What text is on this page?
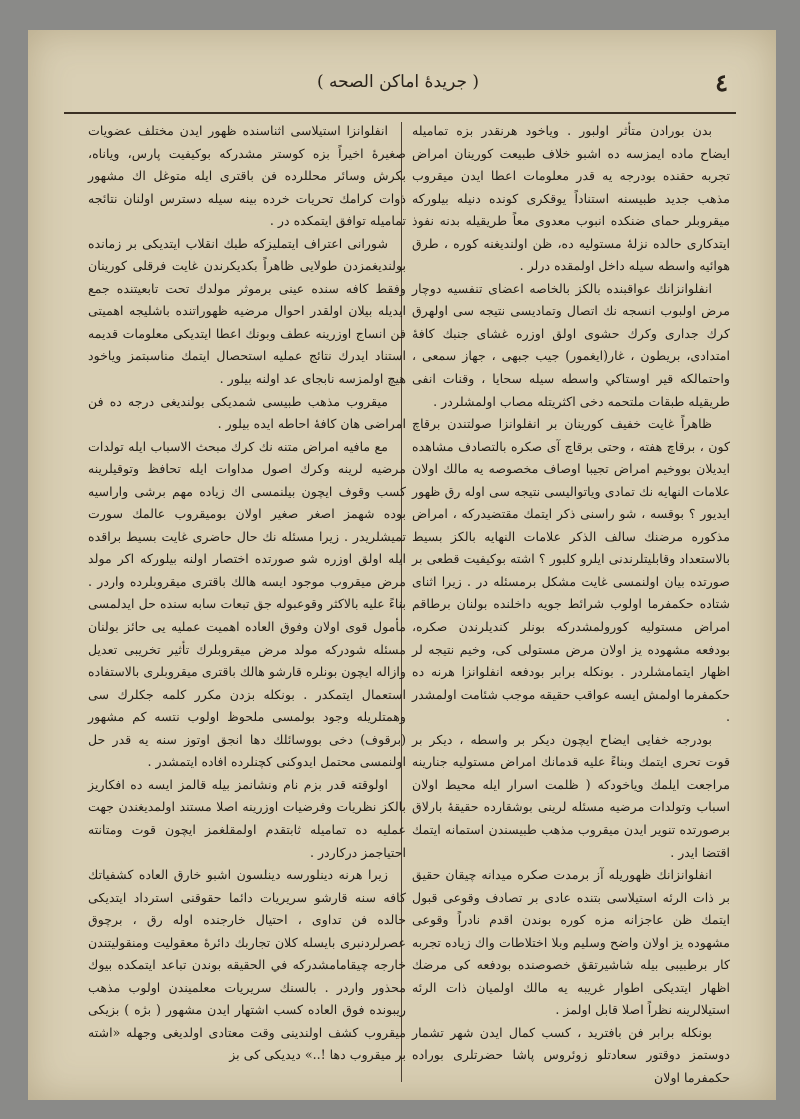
٤
( جريدهٔ اماكن الصحه )

بدن بورادن متأثر اولبور . وياخود هرنقدر بزه تماميله ايضاح ماده ايمزسه ده اشبو خلاف طبيعت كورينان امراض تجربه حقنده بودرجه يه قدر معلومات اعطا ايدن ميقروب مذهب جديد طبيسنه استناداً يوقكرى كونده دنيله بيلوركه ميقروبلر حماى ضنكده انبوب معدوى معاً طريقيله بدنه نفوذ ايتدكارى حالده نزلهٔ مستوليه ده، ظن اولندیغنه كوره ، طرق هوائيه واسطه سيله داخل اولمقده درلر .

انفلوانزانك عواقبنده بالكز بالخاصه اعضاى تنفسيه دوچار مرض اولبوب انسجه نك اتصال وتماديسى نتيجه سى اولهرق كرك جدارى وكرك حشوى اولق اوزره غشاى جنبك كافهٔ امتدادى، بريطون ، غار(ايغمور) جيب جبهى ، جهاز سمعى ، واحتمالكه قير اوستاكي واسطه سيله سحايا ، وقنات انفى طريقيله طبقات ملتحمه دخى اكثريتله مصاب اولمشلردر .

ظاهراً غايت خفيف كورينان بر انفلوانزا صولتندن برقاچ كون ، برقاچ هفته ، وحتى برقاچ آى صكره بالتصادف مشاهده ايديلان بووخيم امراض تجيبا اوصاف مخصوصه يه مالك اولان علامات النهايه نك تمادى وياتواليسى نتيجه سى اوله رق ظهور ايديور ؟ بوقسه ، شو راسنى ذكر ايتمك مقتضيدركه ، امراض مذكوره مرضنك سالف الذكر علامات النهايه بالكز بسيط بالاستعداد وقابليتلرندنى ايلرو كلبور ؟ اشته بوكيفيت قطعى بر صورتده بيان اولنمسى غايت مشكل برمسئله در . زيرا اثناى شتاده حكمفرما اولوب شرائط جويه داخلنده بولنان برطاقم امراض مستوليه كورولمشدركه بونلر كنديلرندن صكره، بودفعه مشهوده يز اولان مرض مستولى كى، وخيم نتيجه لر اظهار ايتمامشلردر . بونكله برابر بودفعه انفلوانزا هرنه ده حكمفرما اولمش ايسه عواقب حقيقه موجب شئامت اولمشدر .

بودرجه خفايى ايضاح ايچون ديكر بر واسطه ، ديكر بر قوت تحرى ايتمك وبناءً عليه قدمانك امراض مستوليه جنارينه مراجعت ايلمك وياخودكه ( ظلمت اسرار ايله محيط اولان اسباب وتولدات مرضيه مسئله لرينى بوشقارده حقيقهٔ بارلاق برصورتده تنوير ايدن ميقروب مذهب طبيسندن استمانه ايتمك اقتضا ايدر .

انفلوانزانك ظهوريله آز برمدت صكره ميدانه چيقان حقيق بر ذات الرئه استيلاسى بتنده عادى بر تصادف وقوعى قبول ايتمك ظن عاجزانه مزه كوره بوندن اقدم نادراً وقوعى مشهوده يز اولان واضح وسليم وبلا اختلاطات واك زياده تجربه كار برطبيبى بيله شاشيرتقق خصوصنده بودفعه كى مرضك اظهار ايتديكى اطوار غريبه يه مالك اولميان ذات الرئه استيلالرينه نظراً اصلا قابل اولمز .

بونكله برابر فن بافتريد ، كسب كمال ايدن شهر تشمار دوستمز دوقتور سعادتلو زوئروس پاشا حضرتلرى بوراده حكمفرما اولان

انفلوانزا استيلاسى اثناسنده ظهور ايدن مختلف عضويات صغيرهٔ اخيراً بزه كوستر مشدركه بوكيفيت پارس، وياناه، بكرش وسائر محللرده فن باقترى ايله متوغل اك مشهور ذوات كرامك تحريات خرده بينه سيله دسترس اولنان نتائجه تماميله توافق ايتمكده در .

شورانى اعتراف ايتمليزكه طبك انقلاب ايتديكى بر زمانده بولنديغمزدن طولايى ظاهراً بكديكرندن غايت فرقلى كورينان وفقط كافه سنده عينى برموثر مولدك تحت تابعيتنده جمع ايديله بيلان اولقدر احوال مرضيه ظهوراتنده باشليجه اهميتى فن انساج اوزرينه عطف وبونك اعطا ايتديكى معلومات قديمه استناد ايدرك نتائج عمليه استحصال ايتمك مناسبتمز وياخود هيچ اولمزسه نابجاى عد اولنه بيلور .

ميقروب مذهب طبيسى شمديكى بولنديغى درجه ده فن امراضى هان كافهٔ احاطه ايده بيلور .

مع مافيه امراض متنه نك كرك مبحث الاسباب ايله تولدات مرضيه لرينه وكرك اصول مداوات ايله تحافظ وتوقيلرينه كسب وقوف ايچون بيلنمسى اك زياده مهم برشى واراسيه بوده شهمز اصغر صغير اولان بوميقروب عالمك سورت تميشلريدر . زيرا مسئله نك حال حاضرى غايت بسيط براقده ايله اولق اوزره شو صورتده اختصار اولنه بيلوركه اكر مولد مرض ميقروب موجود ايسه هالك باقترى ميقروبلرده واردر . بناءً عليه بالاكثر وقوعبوله جق تبعات سابه سنده حل ايدلمسى مأمول قوى اولان وفوق العاده اهميت عمليه يى حائز بولنان مسئله شودركه مولد مرض ميقروبلرك تأثير تخريبى تعديل وازاله ايچون بونلره قارشو هالك باقترى ميقروبلرى بالاستفاده استعمال ايتمكدر . بونكله بزدن مكرر كلمه جكلرك سى وهمتلريله وجود بولمسى ملحوظ اولوب نتسه كم مشهور (برقوف) دخى بووسائلك دها انجق اوتوز سنه يه قدر حل اولنمسى محتمل ايدوكنى كچنلرده افاده ايتمشدر .

اولوقته قدر بزم نام ونشانمز بيله قالمز ايسه ده افكاريز بالكز نظريات وفرضيات اوزرينه اصلا مستند اولمديغندن جهت عمليه ده تماميله ثابتقدم اولمقلغمز ايچون قوت ومتانته احتياجمز دركاردر .

زيرا هرنه دينلورسه دينلسون اشبو خارق العاده كشفياتك كافه سنه قارشو سريريات دائما حقوقنى استرداد ايتديكى حالده فن تداوى ، احتيال خارجنده اوله رق ، برچوق عصرلردنبرى بايسله كلان تجاربك دائرهٔ معقوليت ومنقوليتندن خارجه چيقامامشدركه في الحقيقه بوندن تباعد ايتمكده بيوك محذور واردر . بالسنك سريريات معلميندن اولوب مذهب ريبونده فوق العاده كسب اشتهار ايدن مشهور ( بژه ) بزيكى ميقروب كشف اولندينى وقت معتادى اولديغى وجهله «اشته بر ميقروب دها !..» ديديكى كى بز
